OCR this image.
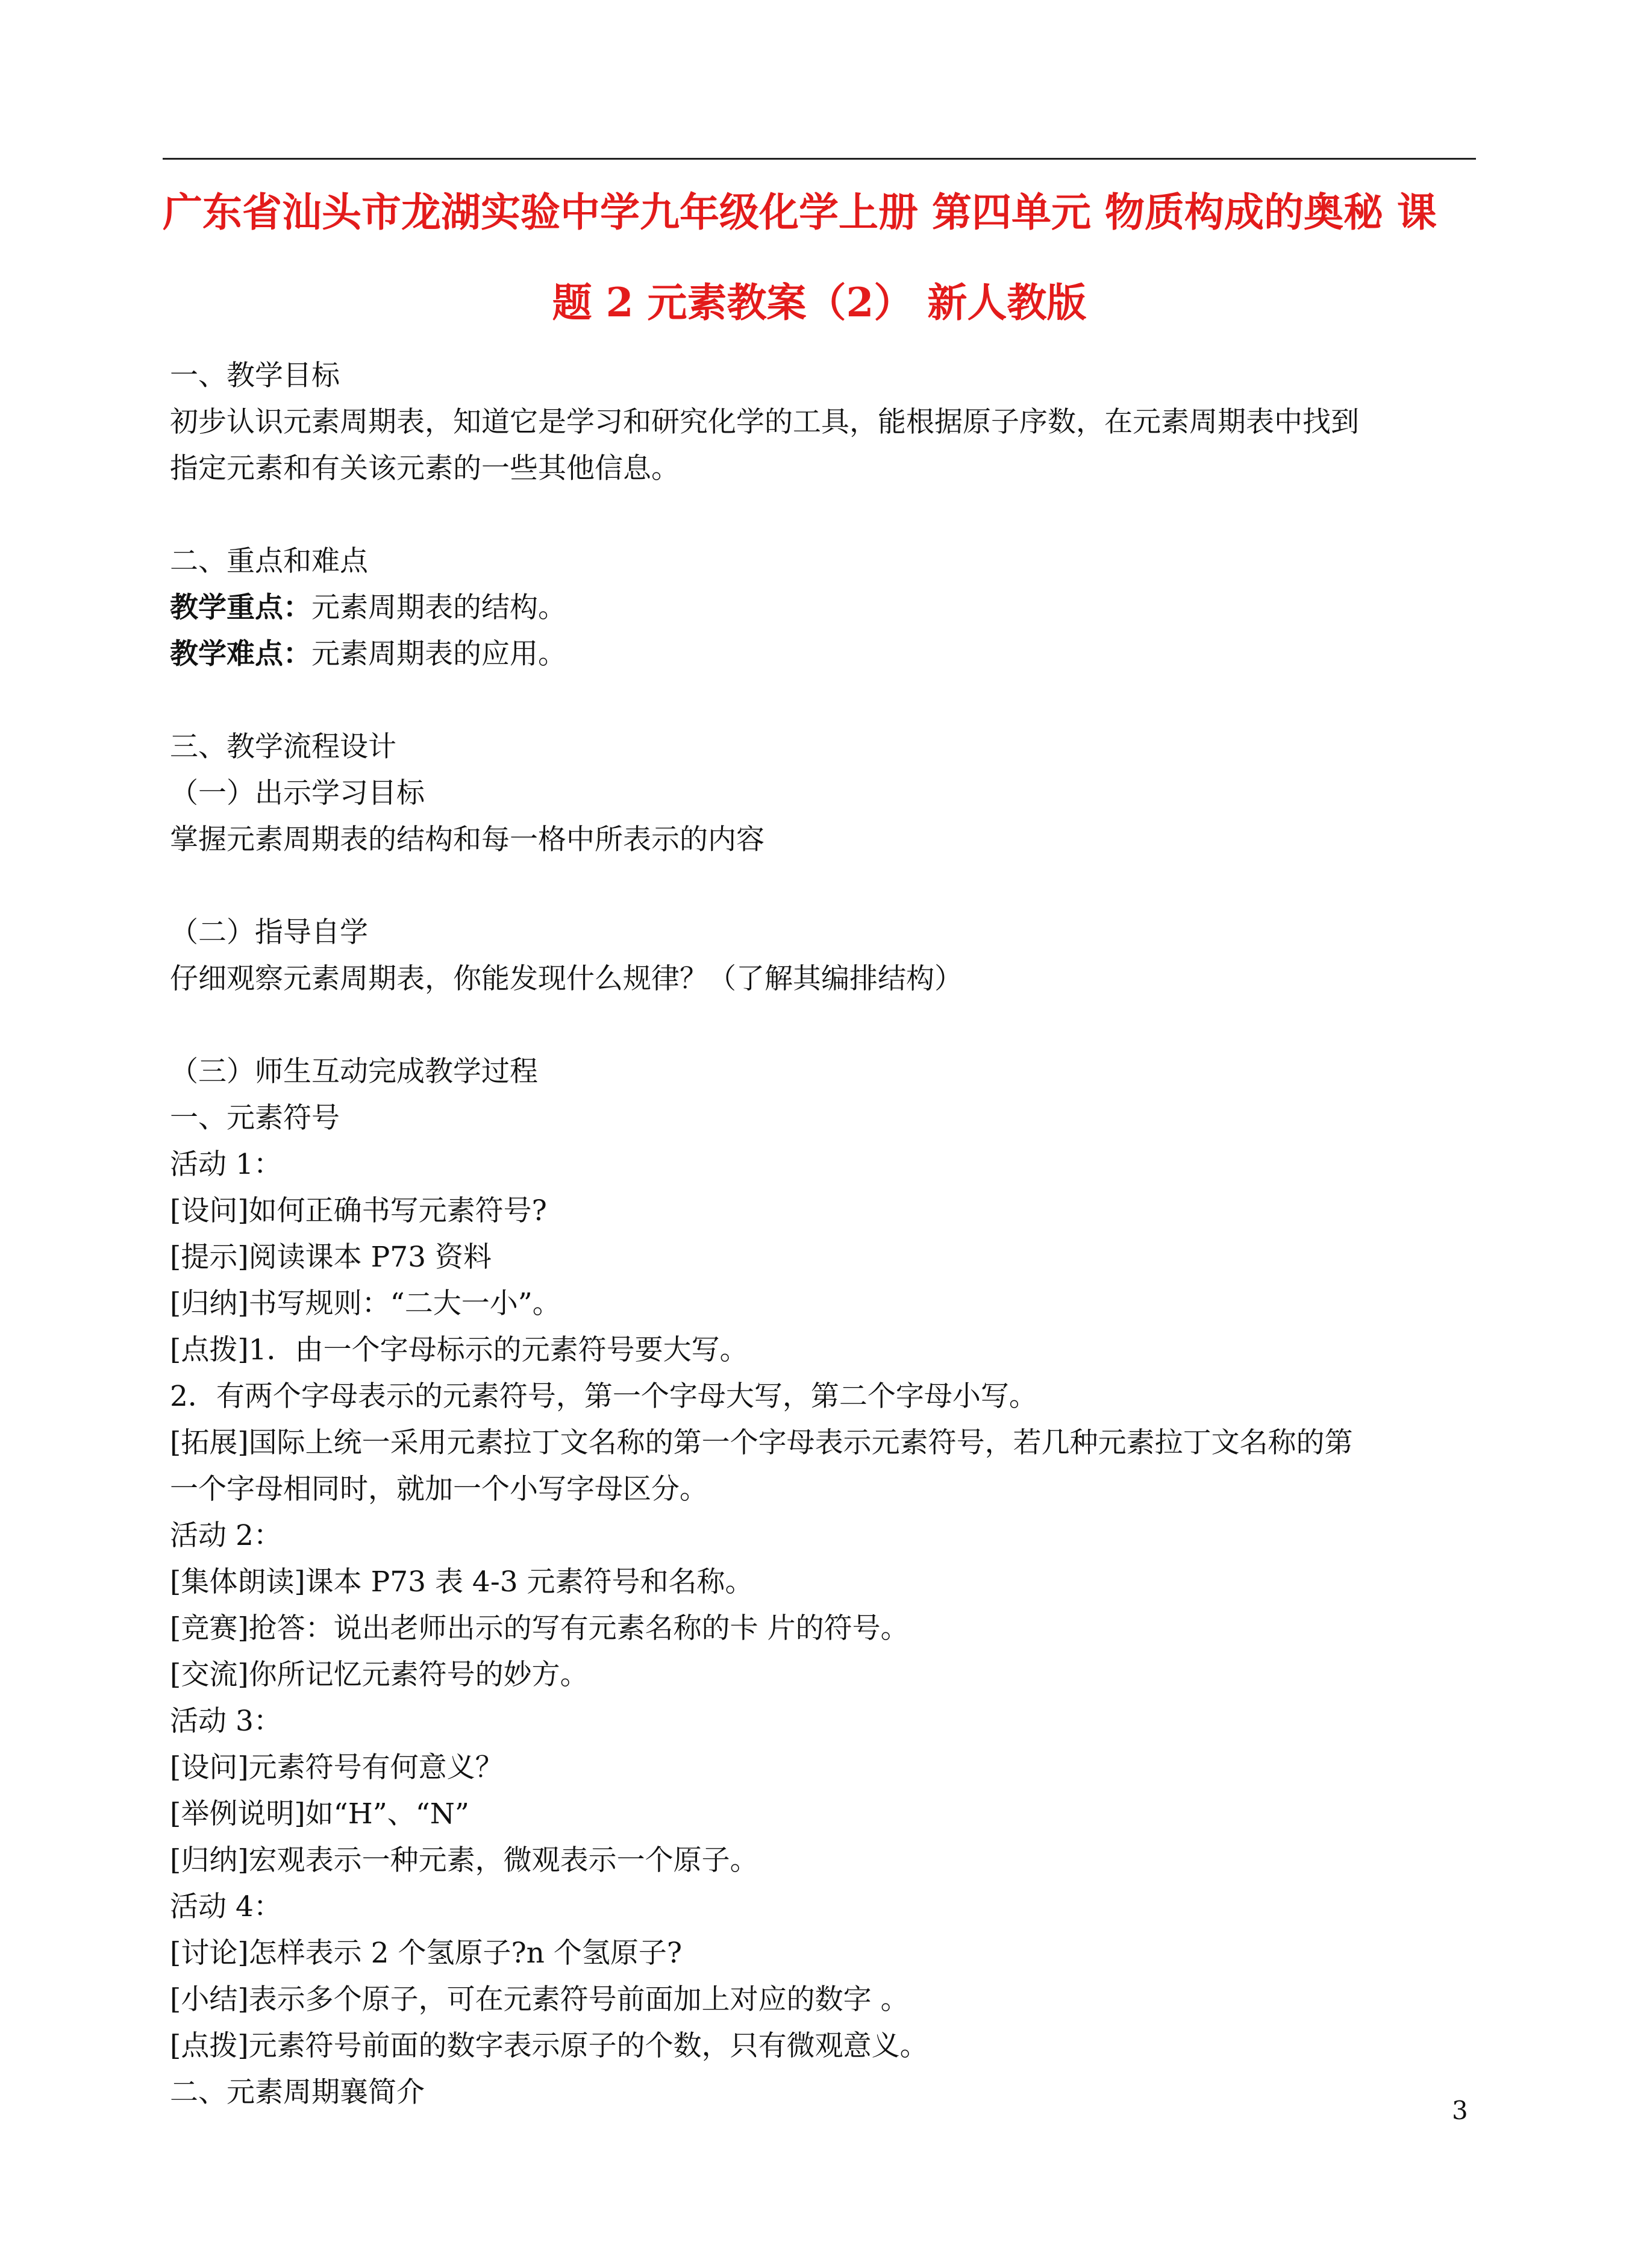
广东省汕头市龙湖实验中学九年级化学上册 第四单元 物质构成的奥秘 课
题 2 元素教案（2） 新人教版
一、教学目标
初步认识元素周期表，知道它是学习和研究化学的工具，能根据原子序数，在元素周期表中找到
指定元素和有关该元素的一些其他信息。
二、重点和难点
教学重点：元素周期表的结构。
教学难点：元素周期表的应用。
三、教学流程设计
（一）出示学习目标
掌握元素周期表的结构和每一格中所表示的内容
（二）指导自学
仔细观察元素周期表，你能发现什么规律？（了解其编排结构）
（三）师生互动完成教学过程
一、元素符号
活动 1：
[设问]如何正确书写元素符号?
[提示]阅读课本 P73 资料
[归纳]书写规则：“二大一小”。
[点拨]1．由一个字母标示的元素符号要大写。
2．有两个字母表示的元素符号，第一个字母大写，第二个字母小写。
[拓展]国际上统一采用元素拉丁文名称的第一个字母表示元素符号，若几种元素拉丁文名称的第
一个字母相同时，就加一个小写字母区分。
活动 2：
[集体朗读]课本 P73 表 4-3 元素符号和名称。
[竞赛]抢答：说出老师出示的写有元素名称的卡 片的符号。
[交流]你所记忆元素符号的妙方。
活动 3：
[设问]元素符号有何意义？
[举例说明]如“H”、“N”
[归纳]宏观表示一种元素，微观表示一个原子。
活动 4：
[讨论]怎样表示 2 个氢原子?n 个氢原子?
[小结]表示多个原子，可在元素符号前面加上对应的数字 。
[点拨]元素符号前面的数字表示原子的个数，只有微观意义。
二、元素周期襄简介
3
